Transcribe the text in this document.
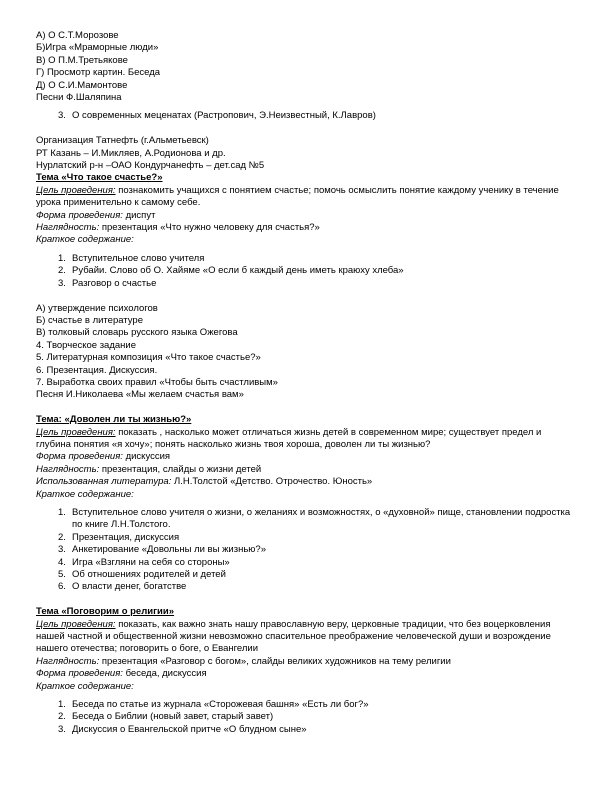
А) О С.Т.Морозове
Б)Игра «Мраморные люди»
В) О П.М.Третьякове
Г) Просмотр картин. Беседа
Д) О С.И.Мамонтове
Песни Ф.Шаляпина
3. О современных меценатах (Растропович, Э.Неизвестный, К.Лавров)
Организация Татнефть (г.Альметьевск)
РТ Казань – И.Микляев, А.Родионова и др.
Нурлатский р-н –ОАО Кондурчанефть – дет.сад №5
Тема «Что такое счастье?»
Цель проведения: познакомить учащихся с понятием счастье; помочь осмыслить понятие каждому ученику в течение урока применительно к самому себе.
Форма проведения: диспут
Наглядность: презентация «Что нужно человеку для счастья?»
Краткое содержание:
1. Вступительное слово учителя
2. Рубайи. Слово об О. Хайяме «О если б каждый день иметь краюху хлеба»
3. Разговор о счастье
А) утверждение психологов
Б) счастье в литературе
В) толковый словарь русского языка Ожегова
4. Творческое задание
5. Литературная композиция «Что такое счастье?»
6. Презентация. Дискуссия.
7. Выработка своих правил «Чтобы быть счастливым»
Песня И.Николаева «Мы желаем счастья вам»
Тема: «Доволен ли ты жизнью?»
Цель проведения: показать , насколько может отличаться жизнь детей в современном мире; существует предел и глубина понятия «я хочу»; понять насколько жизнь твоя хороша, доволен ли ты жизнью?
Форма проведения: дискуссия
Наглядность: презентация, слайды о жизни детей
Использованная литература: Л.Н.Толстой «Детство. Отрочество. Юность»
Краткое содержание:
1. Вступительное слово учителя о жизни, о желаниях и возможностях, о «духовной» пище, становлении подростка по книге Л.Н.Толстого.
2. Презентация, дискуссия
3. Анкетирование «Довольны ли вы жизнью?»
4. Игра «Взгляни на себя со стороны»
5. Об отношениях родителей и детей
6. О власти денег, богатстве
Тема «Поговорим о религии»
Цель проведения: показать, как важно знать нашу православную веру, церковные традиции, что без воцерковления нашей частной и общественной жизни невозможно спасительное преображение человеческой души и возрождение нашего отечества; поговорить о боге, о Евангелии
Наглядность: презентация «Разговор с богом», слайды великих художников на тему религии
Форма проведения: беседа, дискуссия
Краткое содержание:
1. Беседа по статье из журнала «Сторожевая башня» «Есть ли бог?»
2. Беседа о Библии (новый завет, старый завет)
3. Дискуссия о Евангельской притче «О блудном сыне»
